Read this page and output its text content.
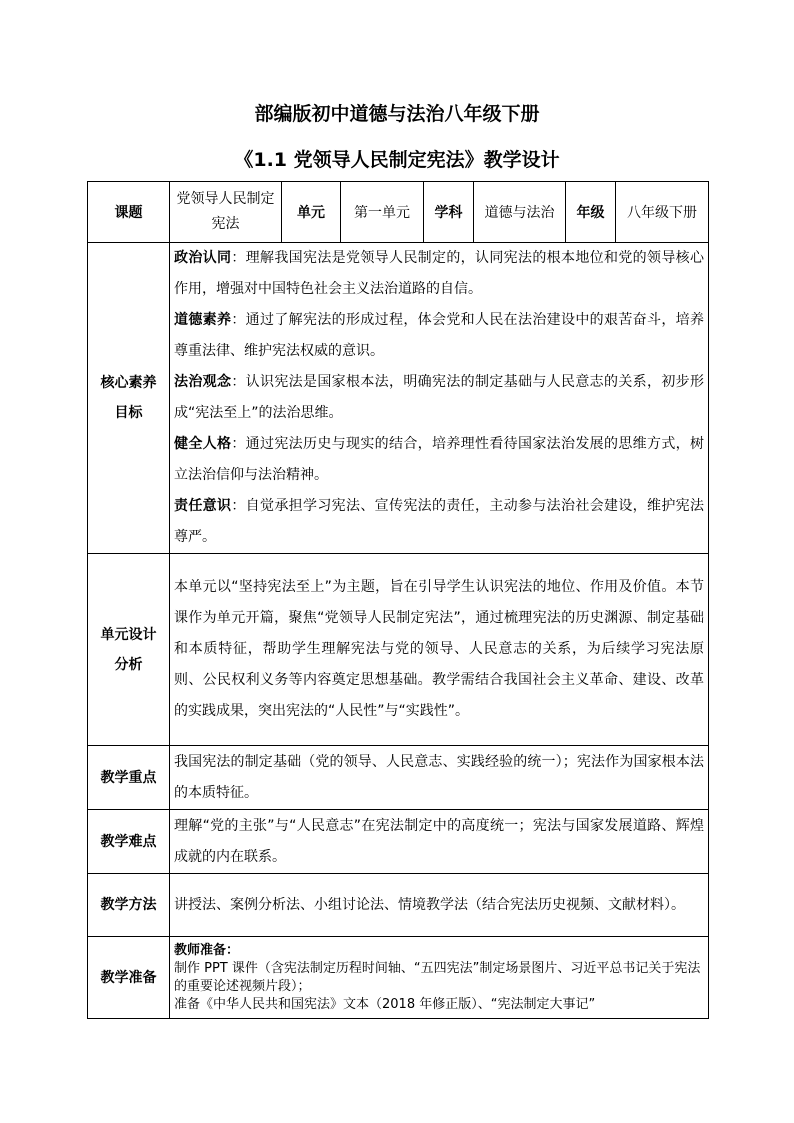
部编版初中道德与法治八年级下册
《1.1 党领导人民制定宪法》教学设计
课题	党领导人民制定宪法	单元	第一单元	学科	道德与法治	年级	八年级下册
核心素养目标	政治认同：理解我国宪法是党领导人民制定的，认同宪法的根本地位和党的领导核心作用，增强对中国特色社会主义法治道路的自信。

道德素养：通过了解宪法的形成过程，体会党和人民在法治建设中的艰苦奋斗，培养尊重法律、维护宪法权威的意识。

法治观念：认识宪法是国家根本法，明确宪法的制定基础与人民意志的关系，初步形成“宪法至上”的法治思维。

健全人格：通过宪法历史与现实的结合，培养理性看待国家法治发展的思维方式，树立法治信仰与法治精神。

责任意识：自觉承担学习宪法、宣传宪法的责任，主动参与法治社会建设，维护宪法尊严。						

单元设计分析	本单元以“坚持宪法至上”为主题，旨在引导学生认识宪法的地位、作用及价值。本节课作为单元开篇，聚焦“党领导人民制定宪法”，通过梳理宪法的历史渊源、制定基础和本质特征，帮助学生理解宪法与党的领导、人民意志的关系，为后续学习宪法原则、公民权利义务等内容奠定思想基础。教学需结合我国社会主义革命、建设、改革的实践成果，突出宪法的“人民性”与“实践性”。						
教学重点	我国宪法的制定基础（党的领导、人民意志、实践经验的统一）；宪法作为国家根本法的本质特征。						
教学难点	理解“党的主张”与“人民意志”在宪法制定中的高度统一；宪法与国家发展道路、辉煌成就的内在联系。						
教学方法	讲授法、案例分析法、小组讨论法、情境教学法（结合宪法历史视频、文献材料）。						
教学准备	教师准备：
制作 PPT 课件（含宪法制定历程时间轴、“五四宪法”制定场景图片、习近平总书记关于宪法的重要论述视频片段）；
准备《中华人民共和国宪法》文本（2018 年修正版）、“宪法制定大事记”						
